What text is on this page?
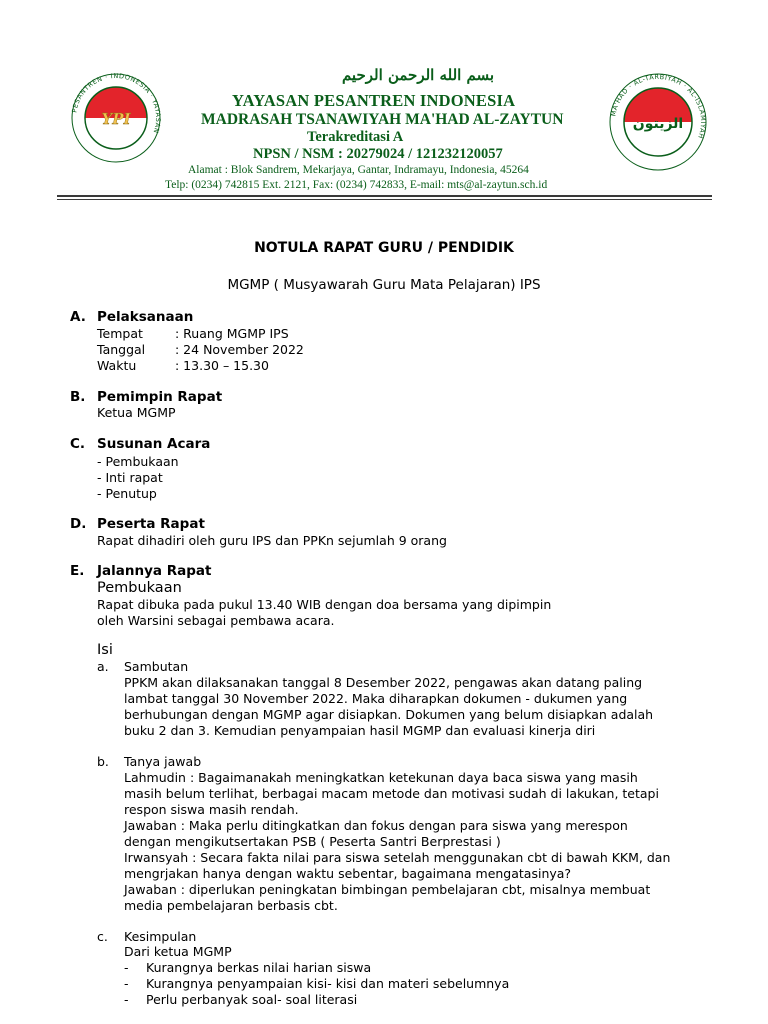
PESANTREN · INDONESIA · YAYASAN
YPI
بسم الله الرحمن الرحيم
YAYASAN PESANTREN INDONESIA
MADRASAH TSANAWIYAH MA'HAD AL-ZAYTUN
Terakreditasi A
NPSN / NSM : 20279024 / 121232120057
Alamat : Blok Sandrem, Mekarjaya, Gantar, Indramayu, Indonesia, 45264
Telp: (0234) 742815 Ext. 2121, Fax: (0234) 742833, E-mail: mts@al-zaytun.sch.id
MA'HAD · AL-TARBIYAH · AL-ISLAMIYAH
الزيتون
NOTULA RAPAT GURU / PENDIDIK
MGMP ( Musyawarah Guru Mata Pelajaran) IPS
A. Pelaksanaan
Tempat	: Ruang MGMP IPS
Tanggal : 24 November 2022
Waktu	: 13.30 – 15.30
B. Pemimpin Rapat
Ketua MGMP
C. Susunan Acara
- Pembukaan
- Inti rapat
- Penutup
D. Peserta Rapat
Rapat dihadiri oleh guru IPS dan PPKn sejumlah 9 orang
E. Jalannya Rapat
Pembukaan
Rapat dibuka pada pukul 13.40 WIB dengan doa bersama yang dipimpin
oleh Warsini sebagai pembawa acara.
Isi
a. Sambutan
PPKM akan dilaksanakan tanggal 8 Desember 2022, pengawas akan datang paling
lambat tanggal 30 November 2022. Maka diharapkan dokumen - dukumen yang
berhubungan dengan MGMP agar disiapkan. Dokumen yang belum disiapkan adalah
buku 2 dan 3. Kemudian penyampaian hasil MGMP dan evaluasi kinerja diri
b. Tanya jawab
Lahmudin : Bagaimanakah meningkatkan ketekunan daya baca siswa yang masih
masih belum terlihat, berbagai macam metode dan motivasi sudah di lakukan, tetapi
respon siswa masih rendah.
Jawaban : Maka perlu ditingkatkan dan fokus dengan para siswa yang merespon
dengan mengikutsertakan PSB ( Peserta Santri Berprestasi )
Irwansyah : Secara fakta nilai para siswa setelah menggunakan cbt di bawah KKM, dan
mengrjakan hanya dengan waktu sebentar, bagaimana mengatasinya?
Jawaban : diperlukan peningkatan bimbingan pembelajaran cbt, misalnya membuat
media pembelajaran berbasis cbt.
c. Kesimpulan
Dari ketua MGMP
- Kurangnya berkas nilai harian siswa
- Kurangnya penyampaian kisi- kisi dan materi sebelumnya
- Perlu perbanyak soal- soal literasi
